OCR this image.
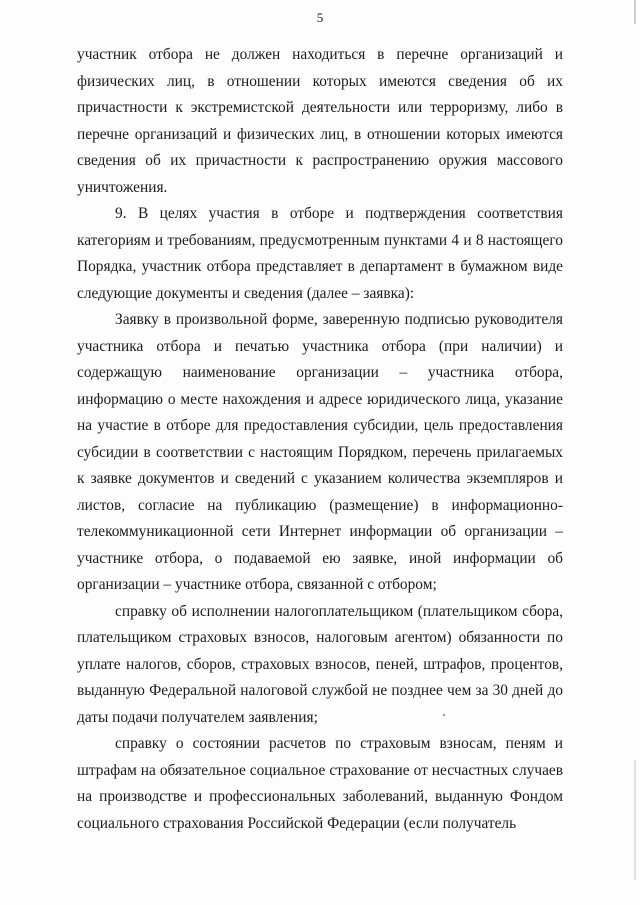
5

участник отбора не должен находиться в перечне организаций и физических лиц, в отношении которых имеются сведения об их причастности к экстремистской деятельности или терроризму, либо в перечне организаций и физических лиц, в отношении которых имеются сведения об их причастности к распространению оружия массового уничтожения.

9. В целях участия в отборе и подтверждения соответствия категориям и требованиям, предусмотренным пунктами 4 и 8 настоящего Порядка, участник отбора представляет в департамент в бумажном виде следующие документы и сведения (далее – заявка):

Заявку в произвольной форме, заверенную подписью руководителя участника отбора и печатью участника отбора (при наличии) и содержащую наименование организации – участника отбора, информацию о месте нахождения и адресе юридического лица, указание на участие в отборе для предоставления субсидии, цель предоставления субсидии в соответствии с настоящим Порядком, перечень прилагаемых к заявке документов и сведений с указанием количества экземпляров и листов, согласие на публикацию (размещение) в информационно-телекоммуникационной сети Интернет информации об организации – участнике отбора, о подаваемой ею заявке, иной информации об организации – участнике отбора, связанной с отбором;

справку об исполнении налогоплательщиком (плательщиком сбора, плательщиком страховых взносов, налоговым агентом) обязанности по уплате налогов, сборов, страховых взносов, пеней, штрафов, процентов, выданную Федеральной налоговой службой не позднее чем за 30 дней до даты подачи получателем заявления;

справку о состоянии расчетов по страховым взносам, пеням и штрафам на обязательное социальное страхование от несчастных случаев на производстве и профессиональных заболеваний, выданную Фондом социального страхования Российской Федерации (если получатель
